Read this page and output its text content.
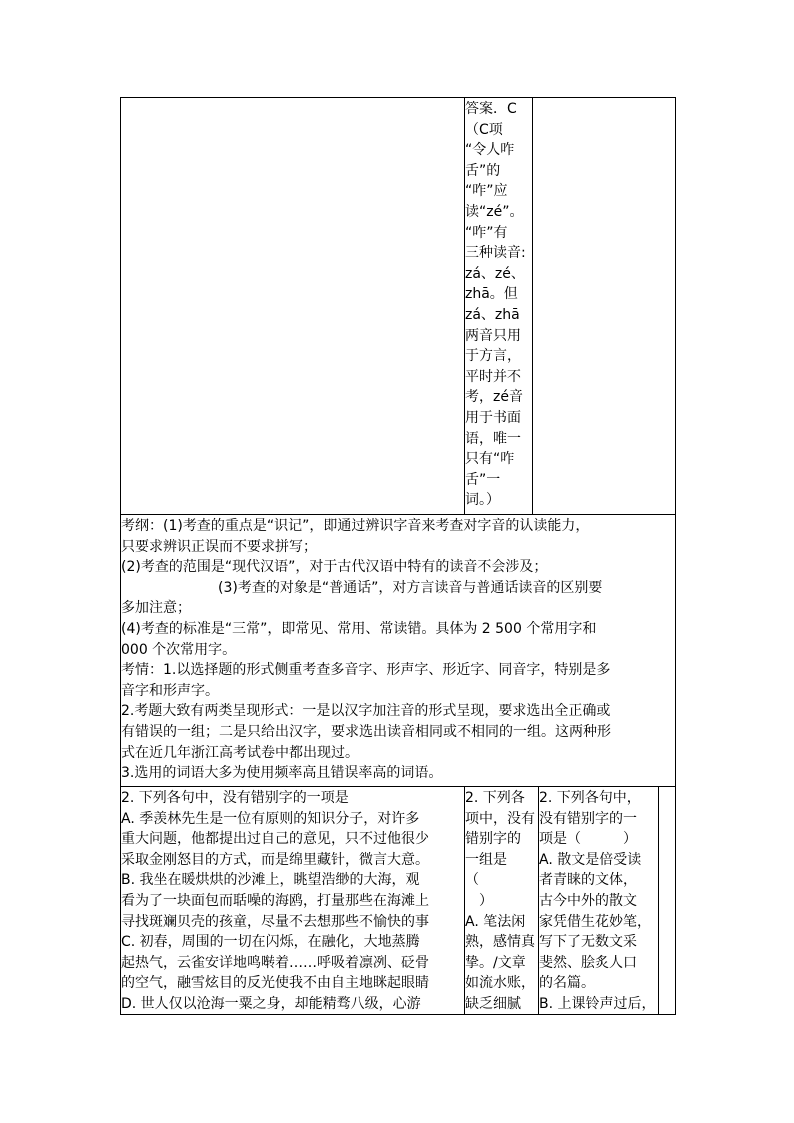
答案．C

（C项

“令人咋

舌”的

“咋”应

读“zé”。

“咋”有

三种读音:

zá、zé、

zhā。但

zá、zhā

两音只用

于方言，

平时并不

考，zé音

用于书面

语，唯一

只有“咋

舌”一

词。）

考纲：(1)考查的重点是“识记”，即通过辨识字音来考查对字音的认读能力，

只要求辨识正误而不要求拼写；

(2)考查的范围是“现代汉语”，对于古代汉语中特有的读音不会涉及；

(3)考查的对象是“普通话”，对方言读音与普通话读音的区别要

多加注意；

(4)考查的标准是“三常”，即常见、常用、常读错。具体为 2 500 个常用字和

000 个次常用字。

考情：1.以选择题的形式侧重考查多音字、形声字、形近字、同音字，特别是多

音字和形声字。

2.考题大致有两类呈现形式：一是以汉字加注音的形式呈现，要求选出全正确或

有错误的一组；二是只给出汉字，要求选出读音相同或不相同的一组。这两种形

式在近几年浙江高考试卷中都出现过。

3.选用的词语大多为使用频率高且错误率高的词语。

2. 下列各句中，没有错别字的一项是

A. 季羡林先生是一位有原则的知识分子，对许多

重大问题，他都提出过自己的意见，只不过他很少

采取金刚怒目的方式，而是绵里藏针，微言大意。

B. 我坐在暖烘烘的沙滩上，眺望浩缈的大海，观

看为了一块面包而聒噪的海鸥，打量那些在海滩上

寻找斑斓贝壳的孩童，尽量不去想那些不愉快的事

C. 初春，周围的一切在闪烁，在融化，大地蒸腾

起热气，云雀安详地鸣啭着……呼吸着凛冽、砭骨

的空气，融雪炫目的反光使我不由自主地眯起眼睛

D. 世人仅以沧海一粟之身，却能精骛八级，心游

2. 下列各

项中，没有

错别字的

一组是

（

）

A. 笔法闲

熟，感情真

挚。/文章

如流水账，

缺乏细腻

2. 下列各句中，

没有错别字的一

项是（　　　）

A. 散文是倍受读

者青睐的文体，

古今中外的散文

家凭借生花妙笔，

写下了无数文采

斐然、脍炙人口

的名篇。

B. 上课铃声过后，
